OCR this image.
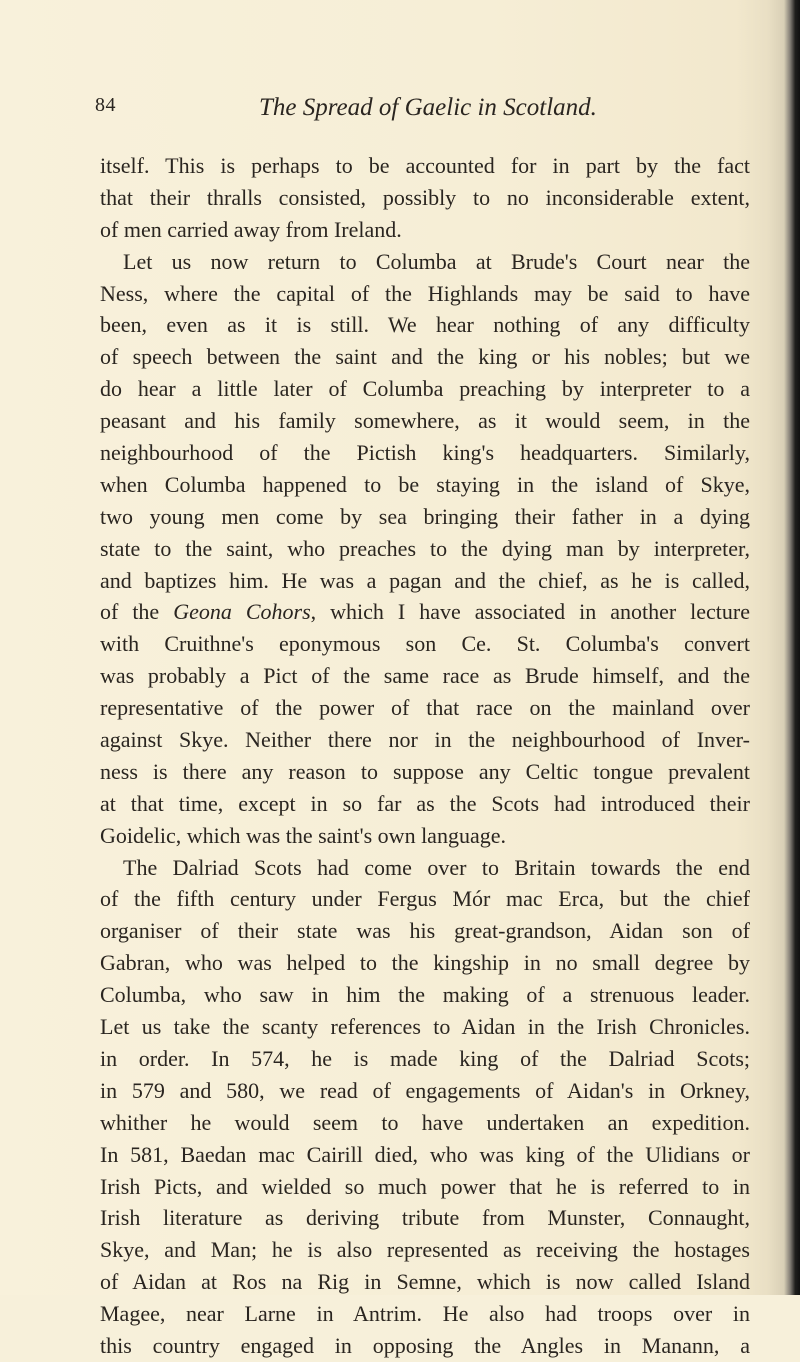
84	The Spread of Gaelic in Scotland.
itself. This is perhaps to be accounted for in part by the fact
that their thralls consisted, possibly to no inconsiderable extent,
of men carried away from Ireland.
Let us now return to Columba at Brude's Court near the
Ness, where the capital of the Highlands may be said to have
been, even as it is still. We hear nothing of any difficulty
of speech between the saint and the king or his nobles; but we
do hear a little later of Columba preaching by interpreter to a
peasant and his family somewhere, as it would seem, in the
neighbourhood of the Pictish king's headquarters. Similarly,
when Columba happened to be staying in the island of Skye,
two young men come by sea bringing their father in a dying
state to the saint, who preaches to the dying man by interpreter,
and baptizes him. He was a pagan and the chief, as he is called,
of the Geona Cohors, which I have associated in another lecture
with Cruithne's eponymous son Ce. St. Columba's convert
was probably a Pict of the same race as Brude himself, and the
representative of the power of that race on the mainland over
against Skye. Neither there nor in the neighbourhood of Inver-
ness is there any reason to suppose any Celtic tongue prevalent
at that time, except in so far as the Scots had introduced their
Goidelic, which was the saint's own language.
The Dalriad Scots had come over to Britain towards the end
of the fifth century under Fergus Mór mac Erca, but the chief
organiser of their state was his great-grandson, Aidan son of
Gabran, who was helped to the kingship in no small degree by
Columba, who saw in him the making of a strenuous leader.
Let us take the scanty references to Aidan in the Irish Chronicles.
in order. In 574, he is made king of the Dalriad Scots;
in 579 and 580, we read of engagements of Aidan's in Orkney,
whither he would seem to have undertaken an expedition.
In 581, Baedan mac Cairill died, who was king of the Ulidians or
Irish Picts, and wielded so much power that he is referred to in
Irish literature as deriving tribute from Munster, Connaught,
Skye, and Man; he is also represented as receiving the hostages
of Aidan at Ros na Rig in Semne, which is now called Island
Magee, near Larne in Antrim. He also had troops over in
this country engaged in opposing the Angles in Manann, a
